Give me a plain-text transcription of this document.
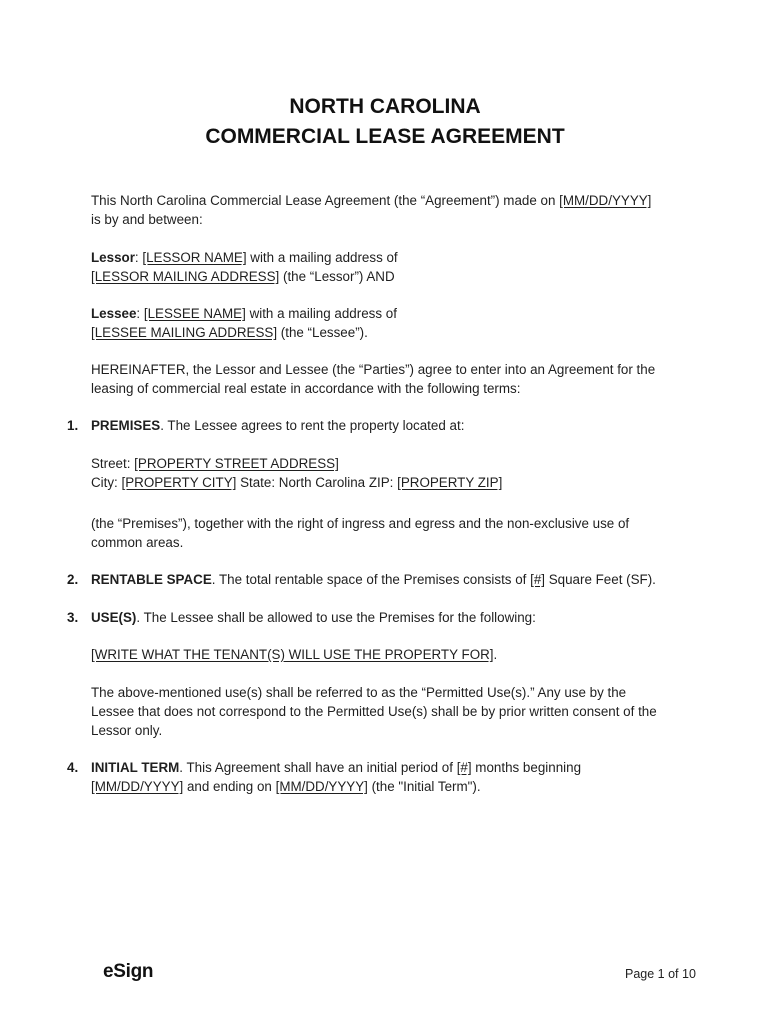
NORTH CAROLINA
COMMERCIAL LEASE AGREEMENT
This North Carolina Commercial Lease Agreement (the “Agreement”) made on [MM/DD/YYYY]
is by and between:
Lessor: [LESSOR NAME] with a mailing address of
[LESSOR MAILING ADDRESS] (the “Lessor”) AND
Lessee: [LESSEE NAME] with a mailing address of
[LESSEE MAILING ADDRESS] (the “Lessee”).
HEREINAFTER, the Lessor and Lessee (the “Parties”) agree to enter into an Agreement for the
leasing of commercial real estate in accordance with the following terms:
1. PREMISES. The Lessee agrees to rent the property located at:
Street: [PROPERTY STREET ADDRESS]
City: [PROPERTY CITY] State: North Carolina ZIP: [PROPERTY ZIP]
(the “Premises”), together with the right of ingress and egress and the non-exclusive use of
common areas.
2. RENTABLE SPACE. The total rentable space of the Premises consists of [#] Square Feet (SF).
3. USE(S). The Lessee shall be allowed to use the Premises for the following:
[WRITE WHAT THE TENANT(S) WILL USE THE PROPERTY FOR].
The above-mentioned use(s) shall be referred to as the “Permitted Use(s).” Any use by the
Lessee that does not correspond to the Permitted Use(s) shall be by prior written consent of the
Lessor only.
4. INITIAL TERM. This Agreement shall have an initial period of [#] months beginning
[MM/DD/YYYY] and ending on [MM/DD/YYYY] (the "Initial Term").
eSign	Page 1 of 10
